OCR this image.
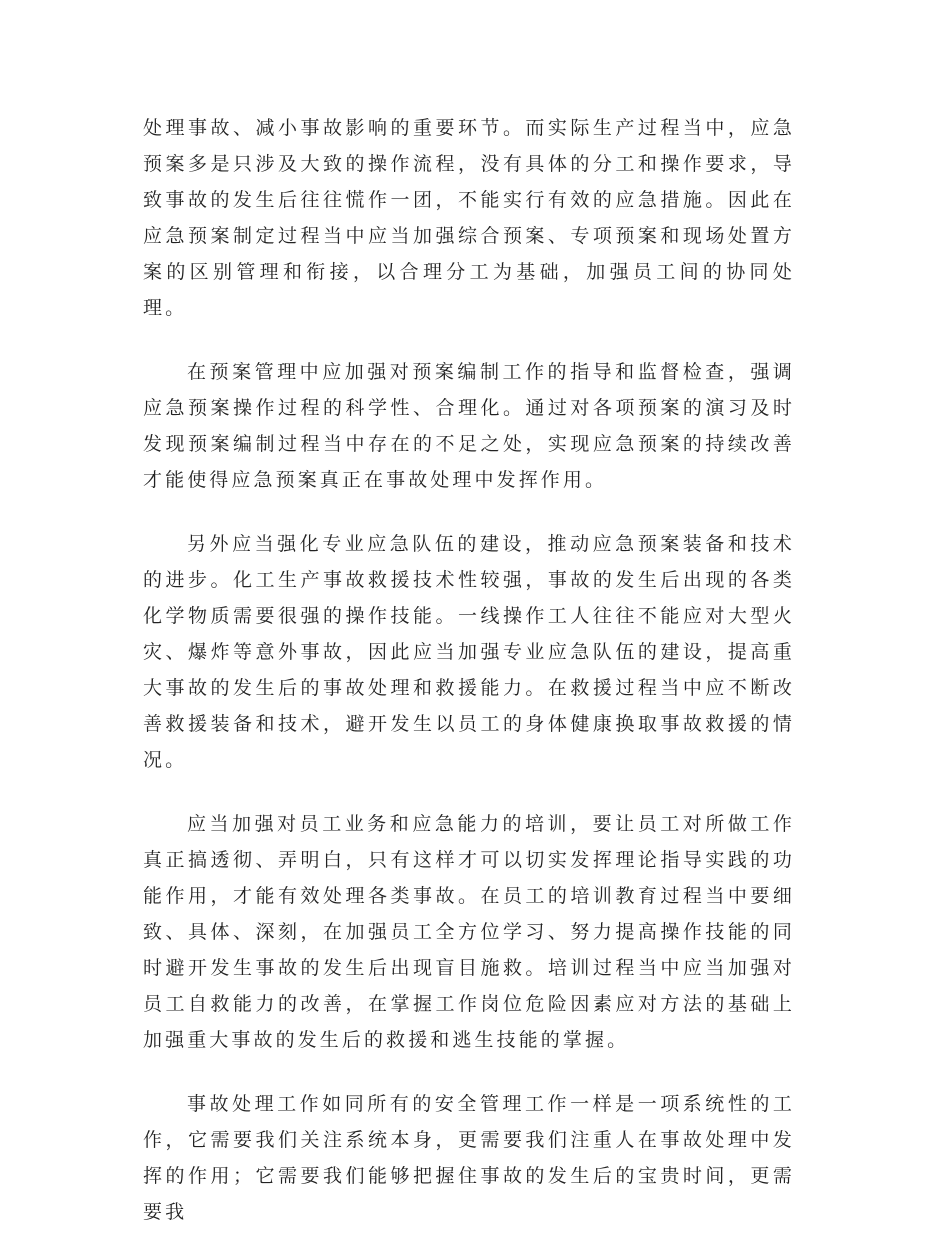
处理事故、减小事故影响的重要环节。而实际生产过程当中，应急预案多是只涉及大致的操作流程，没有具体的分工和操作要求，导致事故的发生后往往慌作一团，不能实行有效的应急措施。因此在应急预案制定过程当中应当加强综合预案、专项预案和现场处置方案的区别管理和衔接，以合理分工为基础，加强员工间的协同处理。

在预案管理中应加强对预案编制工作的指导和监督检查，强调应急预案操作过程的科学性、合理化。通过对各项预案的演习及时发现预案编制过程当中存在的不足之处，实现应急预案的持续改善才能使得应急预案真正在事故处理中发挥作用。

另外应当强化专业应急队伍的建设，推动应急预案装备和技术的进步。化工生产事故救援技术性较强，事故的发生后出现的各类化学物质需要很强的操作技能。一线操作工人往往不能应对大型火灾、爆炸等意外事故，因此应当加强专业应急队伍的建设，提高重大事故的发生后的事故处理和救援能力。在救援过程当中应不断改善救援装备和技术，避开发生以员工的身体健康换取事故救援的情况。

应当加强对员工业务和应急能力的培训，要让员工对所做工作真正搞透彻、弄明白，只有这样才可以切实发挥理论指导实践的功能作用，才能有效处理各类事故。在员工的培训教育过程当中要细致、具体、深刻，在加强员工全方位学习、努力提高操作技能的同时避开发生事故的发生后出现盲目施救。培训过程当中应当加强对员工自救能力的改善，在掌握工作岗位危险因素应对方法的基础上加强重大事故的发生后的救援和逃生技能的掌握。

事故处理工作如同所有的安全管理工作一样是一项系统性的工作，它需要我们关注系统本身，更需要我们注重人在事故处理中发挥的作用；它需要我们能够把握住事故的发生后的宝贵时间，更需要我
